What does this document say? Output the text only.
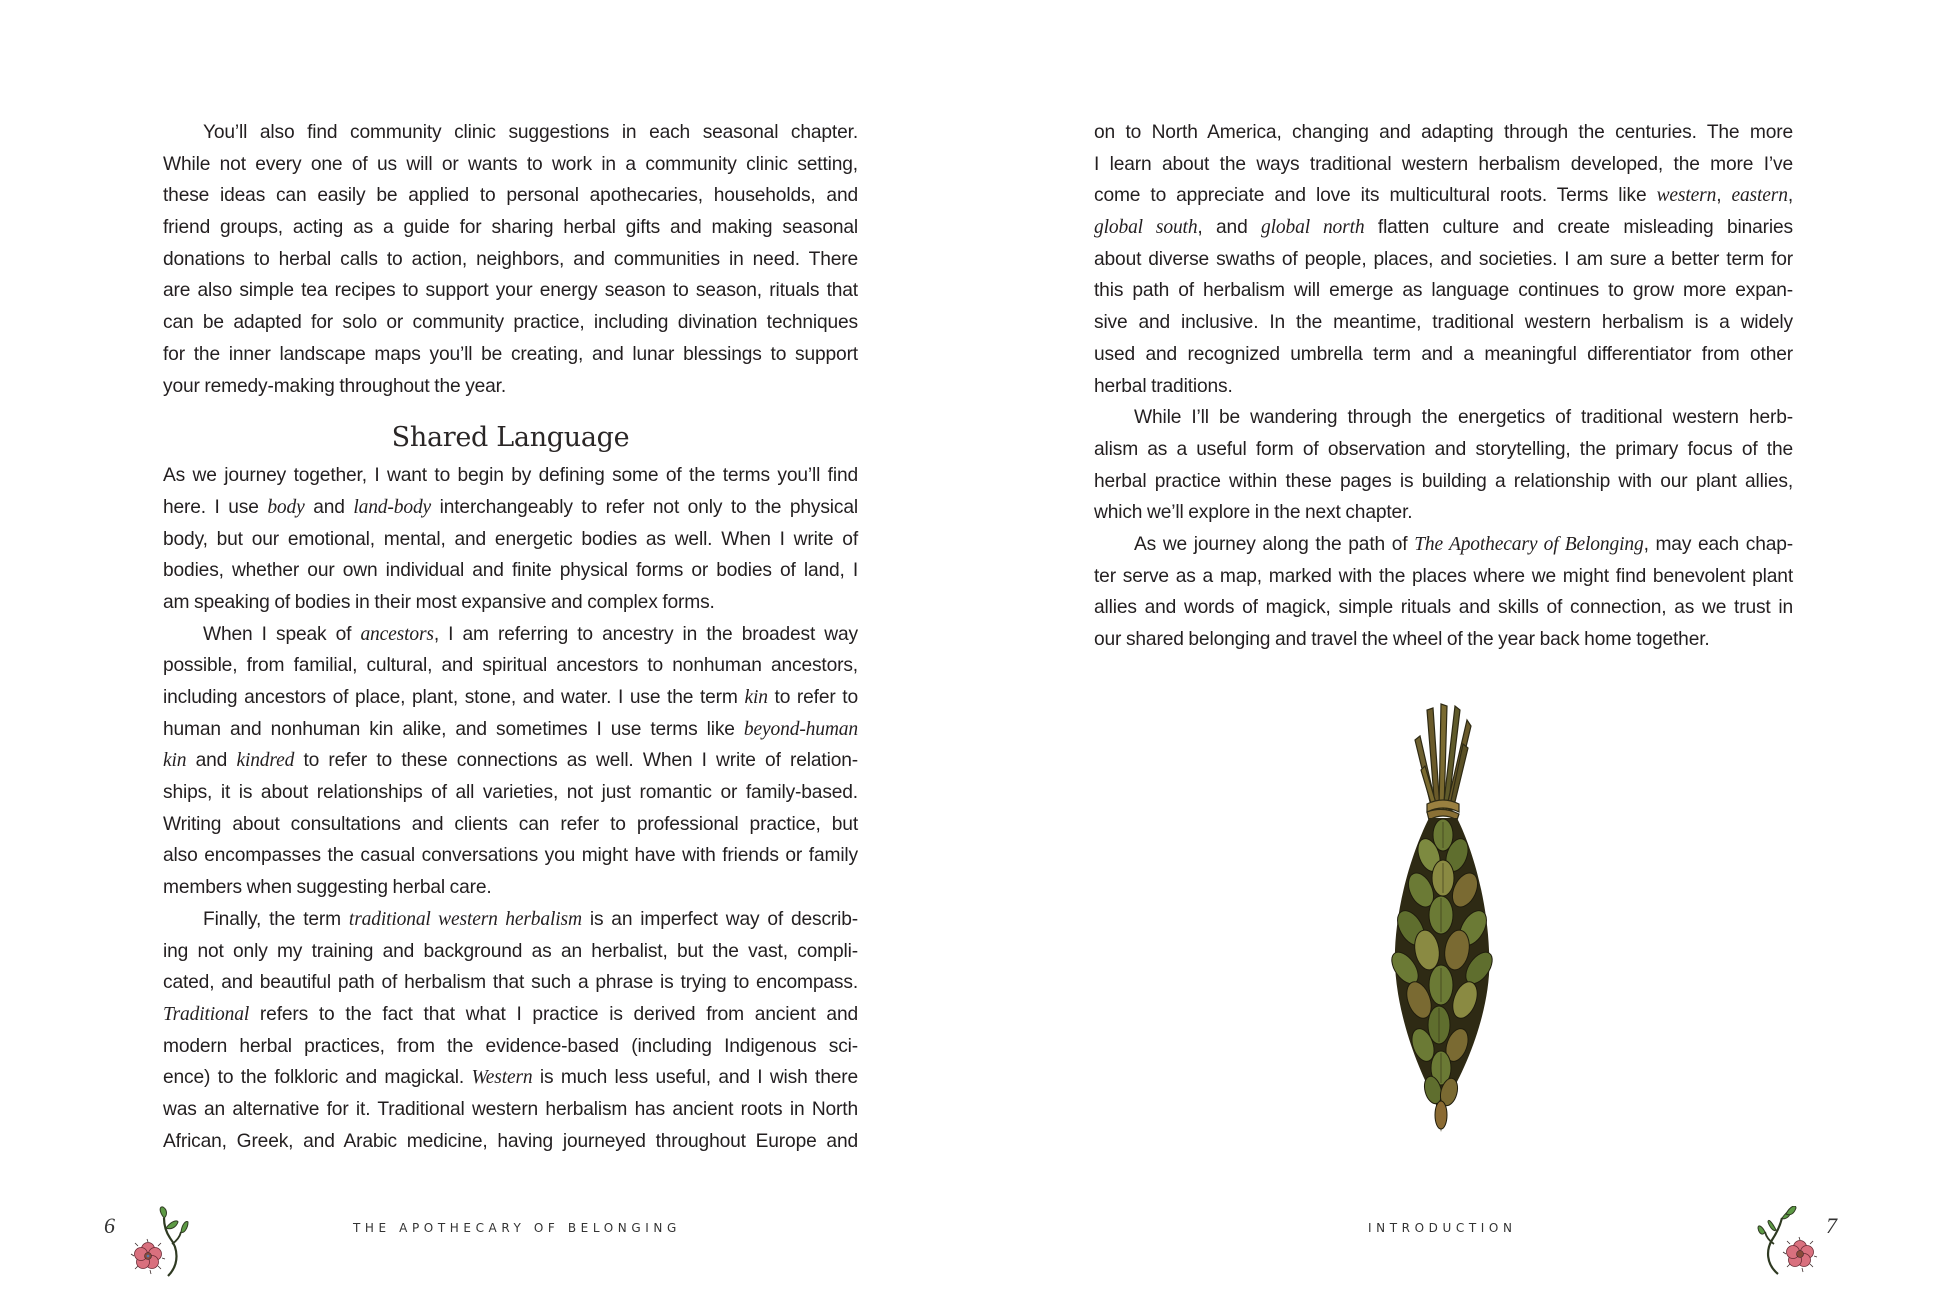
You’ll also find community clinic suggestions in each seasonal chapter.
While not every one of us will or wants to work in a community clinic setting,
these ideas can easily be applied to personal apothecaries, households, and
friend groups, acting as a guide for sharing herbal gifts and making seasonal
donations to herbal calls to action, neighbors, and communities in need. There
are also simple tea recipes to support your energy season to season, rituals that
can be adapted for solo or community practice, including divination techniques
for the inner landscape maps you’ll be creating, and lunar blessings to support
your remedy-making throughout the year.
Shared Language
As we journey together, I want to begin by defining some of the terms you’ll find
here. I use body and land-body interchangeably to refer not only to the physical
body, but our emotional, mental, and energetic bodies as well. When I write of
bodies, whether our own individual and finite physical forms or bodies of land, I
am speaking of bodies in their most expansive and complex forms.
When I speak of ancestors, I am referring to ancestry in the broadest way
possible, from familial, cultural, and spiritual ancestors to nonhuman ancestors,
including ancestors of place, plant, stone, and water. I use the term kin to refer to
human and nonhuman kin alike, and sometimes I use terms like beyond-human
kin and kindred to refer to these connections as well. When I write of relation-
ships, it is about relationships of all varieties, not just romantic or family-based.
Writing about consultations and clients can refer to professional practice, but
also encompasses the casual conversations you might have with friends or family
members when suggesting herbal care.
Finally, the term traditional western herbalism is an imperfect way of describ-
ing not only my training and background as an herbalist, but the vast, compli-
cated, and beautiful path of herbalism that such a phrase is trying to encompass.
Traditional refers to the fact that what I practice is derived from ancient and
modern herbal practices, from the evidence-based (including Indigenous sci-
ence) to the folkloric and magickal. Western is much less useful, and I wish there
was an alternative for it. Traditional western herbalism has ancient roots in North
African, Greek, and Arabic medicine, having journeyed throughout Europe and
6	THE APOTHECARY OF BELONGING
on to North America, changing and adapting through the centuries. The more
I learn about the ways traditional western herbalism developed, the more I’ve
come to appreciate and love its multicultural roots. Terms like western, eastern,
global south, and global north flatten culture and create misleading binaries
about diverse swaths of people, places, and societies. I am sure a better term for
this path of herbalism will emerge as language continues to grow more expan-
sive and inclusive. In the meantime, traditional western herbalism is a widely
used and recognized umbrella term and a meaningful differentiator from other
herbal traditions.
While I’ll be wandering through the energetics of traditional western herb-
alism as a useful form of observation and storytelling, the primary focus of the
herbal practice within these pages is building a relationship with our plant allies,
which we’ll explore in the next chapter.
As we journey along the path of The Apothecary of Belonging, may each chap-
ter serve as a map, marked with the places where we might find benevolent plant
allies and words of magick, simple rituals and skills of connection, as we trust in
our shared belonging and travel the wheel of the year back home together.
INTRODUCTION	7
